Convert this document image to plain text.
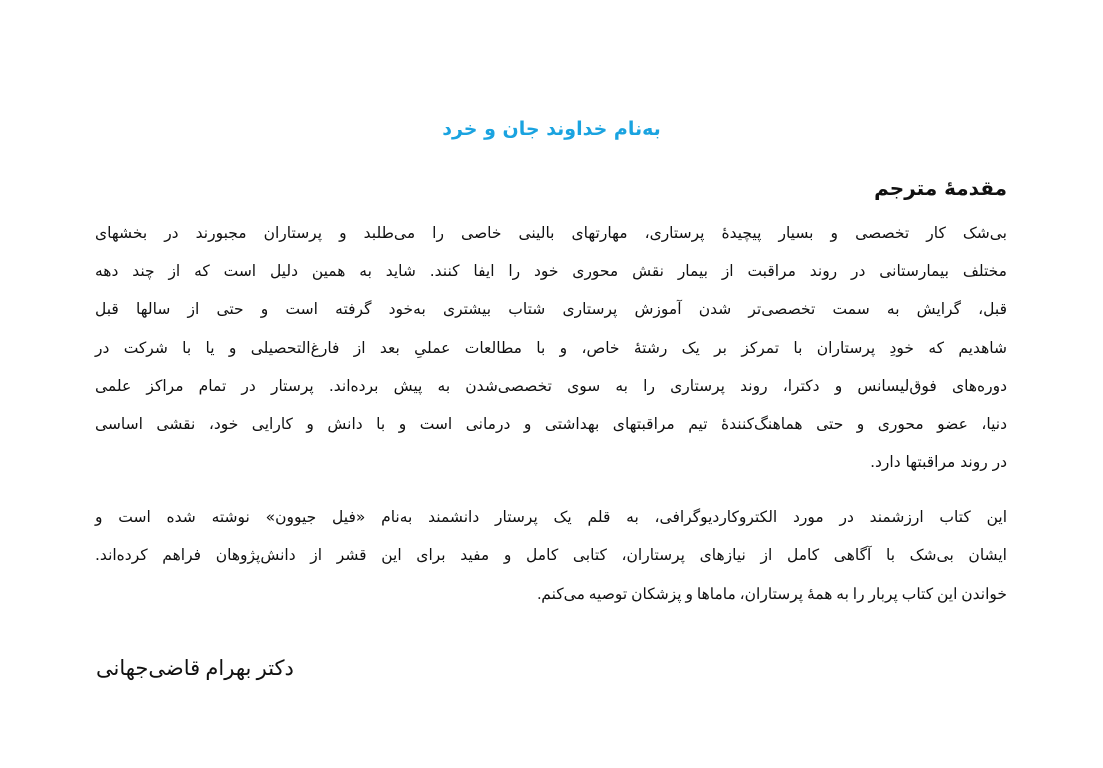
به‌نام خداوند جان و خرد
مقدمهٔ مترجم
بی‌شک کار تخصصی و بسیار پیچیدهٔ پرستاری، مهارتهای بالینی خاصی را می‌طلبد و پرستاران مجبورند در بخشهای
مختلف بیمارستانی در روند مراقبت از بیمار نقش محوری خود را ایفا کنند. شاید به همین دلیل است که از چند دهه
قبل، گرایش به سمت تخصصی‌تر شدن آموزش پرستاری شتاب بیشتری به‌خود گرفته است و حتی از سالها قبل
شاهدیم که خودِ پرستاران با تمرکز بر یک رشتهٔ خاص، و با مطالعات عملیِ بعد از فارغ‌التحصیلی و یا با شرکت در
دوره‌های فوق‌لیسانس و دکترا، روند پرستاری را به سوی تخصصی‌شدن به پیش برده‌اند. پرستار در تمام مراکز علمی
دنیا، عضو محوری و حتی هماهنگ‌کنندهٔ تیم مراقبتهای بهداشتی و درمانی است و با دانش و کارایی خود، نقشی اساسی
در روند مراقبتها دارد.
این کتاب ارزشمند در مورد الکتروکاردیوگرافی، به قلم یک پرستار دانشمند به‌نام «فیل جیوون» نوشته شده است و
ایشان بی‌شک با آگاهی کامل از نیازهای پرستاران، کتابی کامل و مفید برای این قشر از دانش‌پژوهان فراهم کرده‌اند.
خواندن این کتاب پربار را به همهٔ پرستاران، ماماها و پزشکان توصیه می‌کنم.
دکتر بهرام قاضی‌جهانی
